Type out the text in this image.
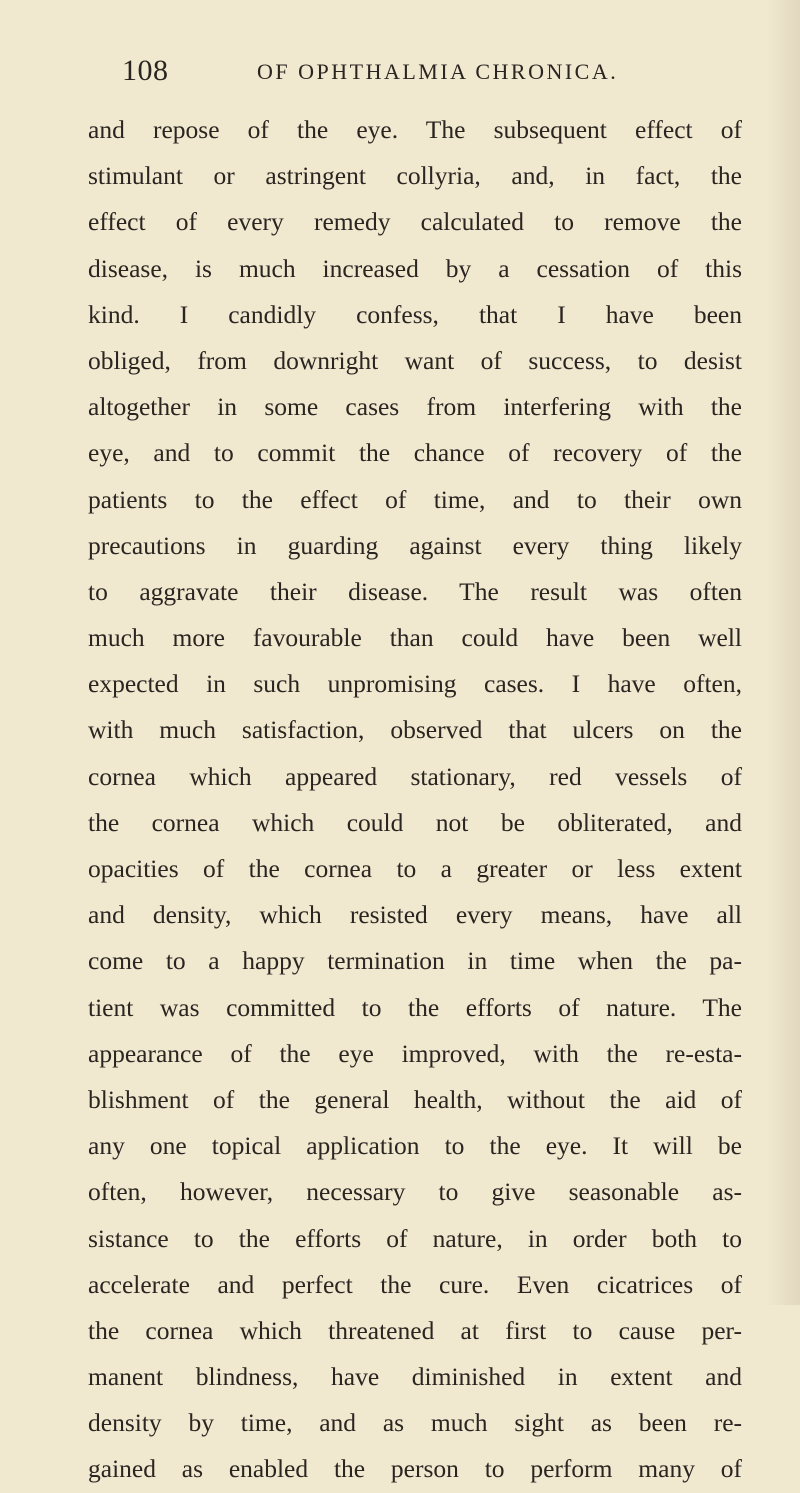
108	OF OPHTHALMIA CHRONICA.
and repose of the eye. The subsequent effect of
stimulant or astringent collyria, and, in fact, the
effect of every remedy calculated to remove the
disease, is much increased by a cessation of this
kind. I candidly confess, that I have been
obliged, from downright want of success, to desist
altogether in some cases from interfering with the
eye, and to commit the chance of recovery of the
patients to the effect of time, and to their own
precautions in guarding against every thing likely
to aggravate their disease. The result was often
much more favourable than could have been well
expected in such unpromising cases. I have often,
with much satisfaction, observed that ulcers on the
cornea which appeared stationary, red vessels of
the cornea which could not be obliterated, and
opacities of the cornea to a greater or less extent
and density, which resisted every means, have all
come to a happy termination in time when the pa-
tient was committed to the efforts of nature. The
appearance of the eye improved, with the re-esta-
blishment of the general health, without the aid of
any one topical application to the eye. It will be
often, however, necessary to give seasonable as-
sistance to the efforts of nature, in order both to
accelerate and perfect the cure. Even cicatrices of
the cornea which threatened at first to cause per-
manent blindness, have diminished in extent and
density by time, and as much sight as been re-
gained as enabled the person to perform many of
